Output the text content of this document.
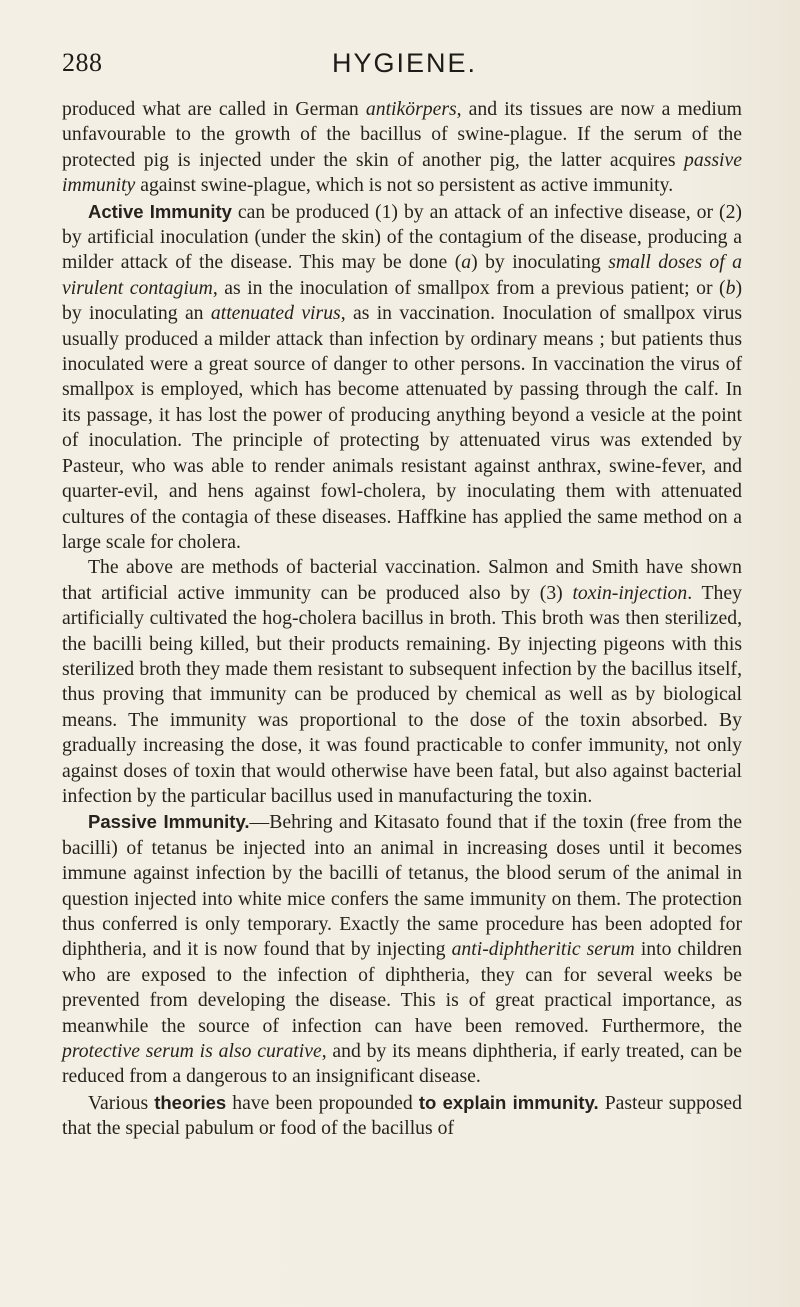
288	HYGIENE.

produced what are called in German antikörpers, and its tissues are now a medium unfavourable to the growth of the bacillus of swine-plague. If the serum of the protected pig is injected under the skin of another pig, the latter acquires passive immunity against swine-plague, which is not so persistent as active immunity.

Active Immunity can be produced (1) by an attack of an infective disease, or (2) by artificial inoculation (under the skin) of the contagium of the disease, producing a milder attack of the disease. This may be done (a) by inoculating small doses of a virulent contagium, as in the inoculation of smallpox from a previous patient; or (b) by inoculating an attenuated virus, as in vaccination. Inoculation of smallpox virus usually produced a milder attack than infection by ordinary means ; but patients thus inoculated were a great source of danger to other persons. In vaccination the virus of smallpox is employed, which has become attenuated by passing through the calf. In its passage, it has lost the power of producing anything beyond a vesicle at the point of inoculation. The principle of protecting by attenuated virus was extended by Pasteur, who was able to render animals resistant against anthrax, swine-fever, and quarter-evil, and hens against fowl-cholera, by inoculating them with attenuated cultures of the contagia of these diseases. Haffkine has applied the same method on a large scale for cholera.

The above are methods of bacterial vaccination. Salmon and Smith have shown that artificial active immunity can be produced also by (3) toxin-injection. They artificially cultivated the hog-cholera bacillus in broth. This broth was then sterilized, the bacilli being killed, but their products remaining. By injecting pigeons with this sterilized broth they made them resistant to subsequent infection by the bacillus itself, thus proving that immunity can be produced by chemical as well as by biological means. The immunity was proportional to the dose of the toxin absorbed. By gradually increasing the dose, it was found practicable to confer immunity, not only against doses of toxin that would otherwise have been fatal, but also against bacterial infection by the particular bacillus used in manufacturing the toxin.

Passive Immunity.—Behring and Kitasato found that if the toxin (free from the bacilli) of tetanus be injected into an animal in increasing doses until it becomes immune against infection by the bacilli of tetanus, the blood serum of the animal in question injected into white mice confers the same immunity on them. The protection thus conferred is only temporary. Exactly the same procedure has been adopted for diphtheria, and it is now found that by injecting anti-diphtheritic serum into children who are exposed to the infection of diphtheria, they can for several weeks be prevented from developing the disease. This is of great practical importance, as meanwhile the source of infection can have been removed. Furthermore, the protective serum is also curative, and by its means diphtheria, if early treated, can be reduced from a dangerous to an insignificant disease.

Various theories have been propounded to explain immunity. Pasteur supposed that the special pabulum or food of the bacillus of
